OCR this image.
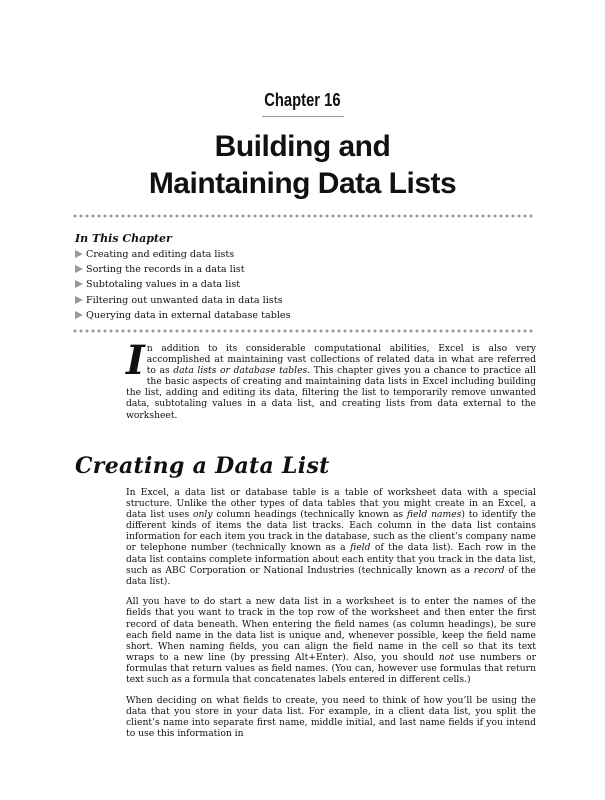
Chapter 16
Building and
Maintaining Data Lists
In This Chapter
Creating and editing data lists
Sorting the records in a data list
Subtotaling values in a data list
Filtering out unwanted data in data lists
Querying data in external database tables
I n addition to its considerable computational abilities, Excel is also very accomplished at maintaining vast collections of related data in what are referred to as data lists or database tables. This chapter gives you a chance to practice all the basic aspects of creating and maintaining data lists in Excel including building the list, adding and editing its data, filtering the list to temporarily remove unwanted data, subtotaling values in a data list, and creating lists from data external to the worksheet.

Creating a Data List

In Excel, a data list or database table is a table of worksheet data with a special structure. Unlike the other types of data tables that you might create in an Excel, a data list uses only column headings (technically known as field names) to identify the different kinds of items the data list tracks. Each column in the data list contains information for each item you track in the database, such as the client’s company name or telephone number (technically known as a field of the data list). Each row in the data list contains complete information about each entity that you track in the data list, such as ABC Corporation or National Industries (technically known as a record of the data list).

All you have to do start a new data list in a worksheet is to enter the names of the fields that you want to track in the top row of the worksheet and then enter the first record of data beneath. When entering the field names (as column headings), be sure each field name in the data list is unique and, whenever possible, keep the field name short. When naming fields, you can align the field name in the cell so that its text wraps to a new line (by pressing Alt+Enter). Also, you should not use numbers or formulas that return values as field names. (You can, however use formulas that return text such as a formula that concatenates labels entered in different cells.)

When deciding on what fields to create, you need to think of how you’ll be using the data that you store in your data list. For example, in a client data list, you split the client’s name into separate first name, middle initial, and last name fields if you intend to use this information in
